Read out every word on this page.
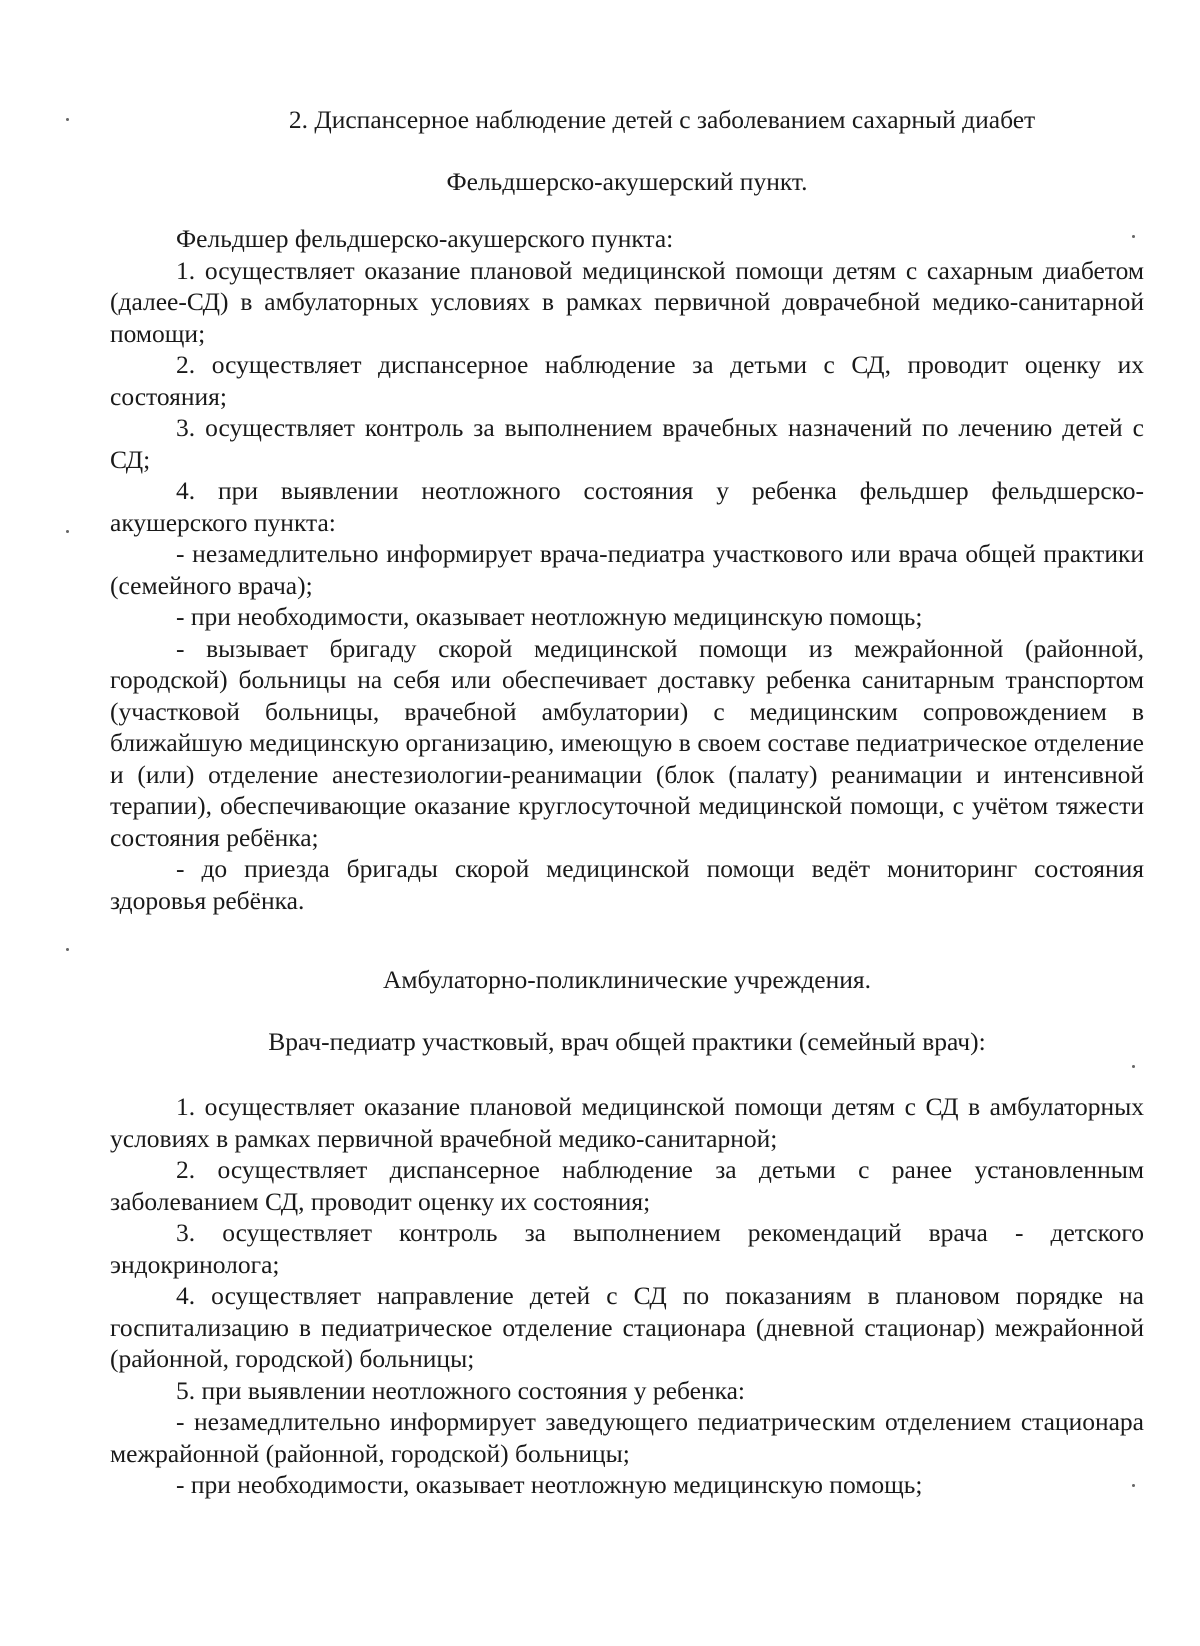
2. Диспансерное наблюдение детей с заболеванием сахарный диабет

Фельдшерско-акушерский пункт.

Фельдшер фельдшерско-акушерского пункта:

1. осуществляет оказание плановой медицинской помощи детям с сахарным диабетом (далее-СД) в амбулаторных условиях в рамках первичной доврачебной медико-санитарной помощи;

2. осуществляет диспансерное наблюдение за детьми с СД, проводит оценку их состояния;

3. осуществляет контроль за выполнением врачебных назначений по лечению детей с СД;

4. при выявлении неотложного состояния у ребенка фельдшер фельдшерско-акушерского пункта:

- незамедлительно информирует врача-педиатра участкового или врача общей практики (семейного врача);

- при необходимости, оказывает неотложную медицинскую помощь;

- вызывает бригаду скорой медицинской помощи из межрайонной (районной, городской) больницы на себя или обеспечивает доставку ребенка санитарным транспортом (участковой больницы, врачебной амбулатории) с медицинским сопровождением в ближайшую медицинскую организацию, имеющую в своем составе педиатрическое отделение и (или) отделение анестезиологии-реанимации (блок (палату) реанимации и интенсивной терапии), обеспечивающие оказание круглосуточной медицинской помощи, с учётом тяжести состояния ребёнка;

- до приезда бригады скорой медицинской помощи ведёт мониторинг состояния здоровья ребёнка.

Амбулаторно-поликлинические учреждения.

Врач-педиатр участковый, врач общей практики (семейный врач):

1. осуществляет оказание плановой медицинской помощи детям с СД в амбулаторных условиях в рамках первичной врачебной медико-санитарной;

2. осуществляет диспансерное наблюдение за детьми с ранее установленным заболеванием СД, проводит оценку их состояния;

3. осуществляет контроль за выполнением рекомендаций врача - детского эндокринолога;

4. осуществляет направление детей с СД по показаниям в плановом порядке на госпитализацию в педиатрическое отделение стационара (дневной стационар) межрайонной (районной, городской) больницы;

5. при выявлении неотложного состояния у ребенка:

- незамедлительно информирует заведующего педиатрическим отделением стационара межрайонной (районной, городской) больницы;

- при необходимости, оказывает неотложную медицинскую помощь;
